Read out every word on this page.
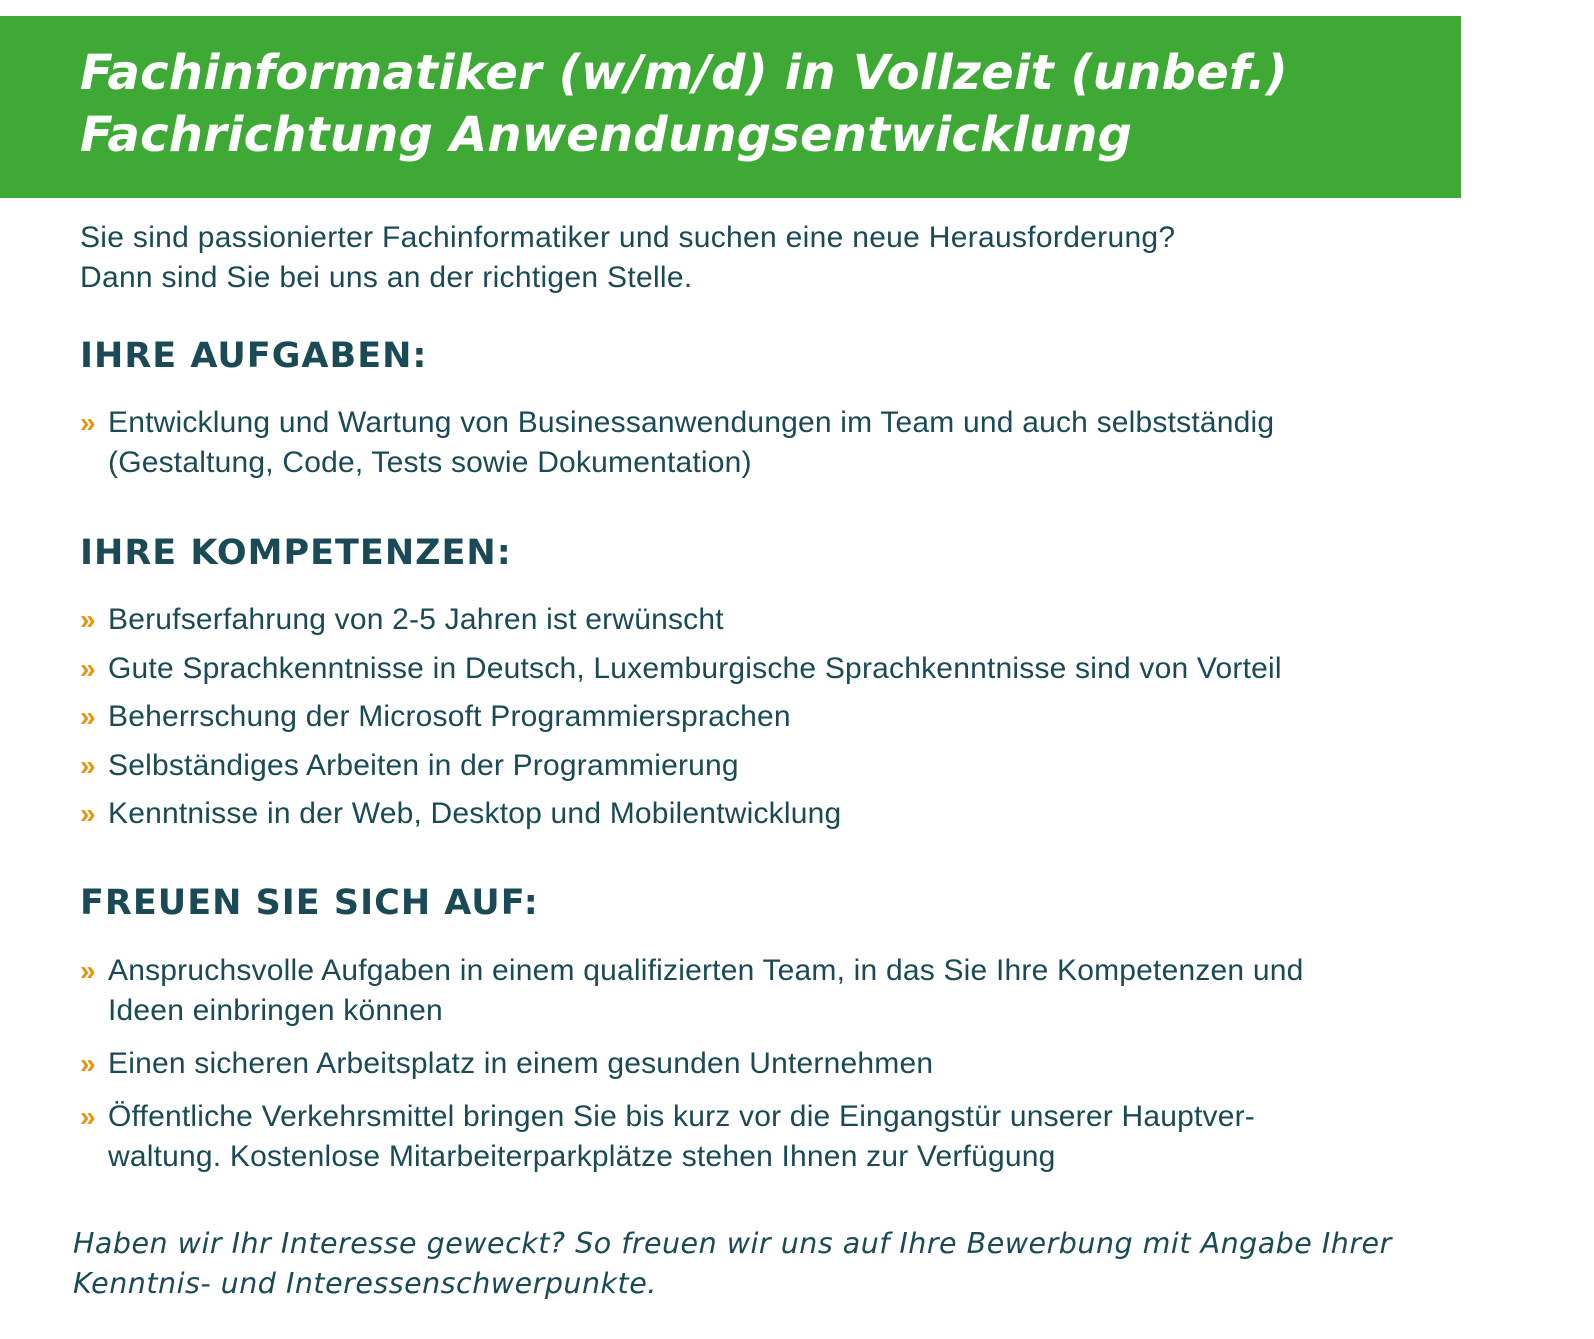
Fachinformatiker (w/m/d) in Vollzeit (unbef.)
Fachrichtung Anwendungsentwicklung
Sie sind passionierter Fachinformatiker und suchen eine neue Herausforderung?
Dann sind Sie bei uns an der richtigen Stelle.
IHRE AUFGABEN:
» Entwicklung und Wartung von Businessanwendungen im Team und auch selbstständig
(Gestaltung, Code, Tests sowie Dokumentation)
IHRE KOMPETENZEN:
» Berufserfahrung von 2-5 Jahren ist erwünscht
» Gute Sprachkenntnisse in Deutsch, Luxemburgische Sprachkenntnisse sind von Vorteil
» Beherrschung der Microsoft Programmiersprachen
» Selbständiges Arbeiten in der Programmierung
» Kenntnisse in der Web, Desktop und Mobilentwicklung
FREUEN SIE SICH AUF:
» Anspruchsvolle Aufgaben in einem qualifizierten Team, in das Sie Ihre Kompetenzen und
Ideen einbringen können
» Einen sicheren Arbeitsplatz in einem gesunden Unternehmen
» Öffentliche Verkehrsmittel bringen Sie bis kurz vor die Eingangstür unserer Hauptver-
waltung. Kostenlose Mitarbeiterparkplätze stehen Ihnen zur Verfügung
Haben wir Ihr Interesse geweckt? So freuen wir uns auf Ihre Bewerbung mit Angabe Ihrer
Kenntnis- und Interessenschwerpunkte.
